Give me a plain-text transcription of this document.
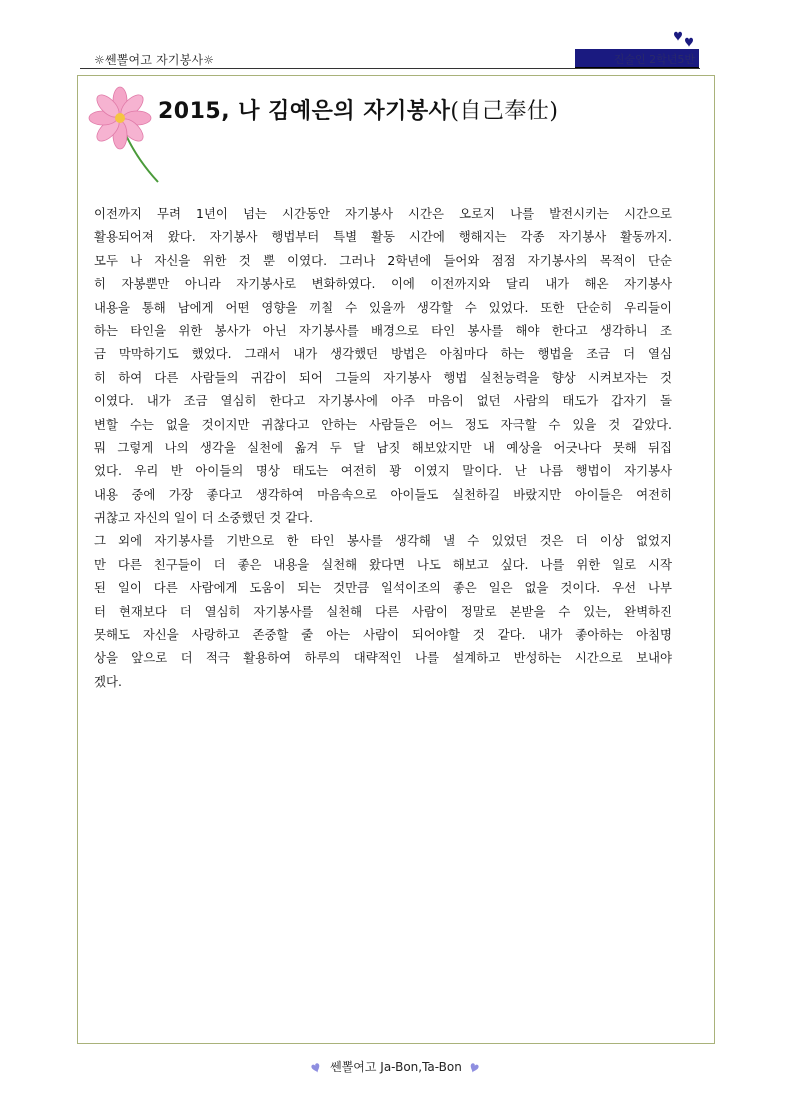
☼쎈뽈여고 자기봉사☼	진술인 2학년5반
2015, 나 김예은의 자기봉사(自己奉仕)
이전까지 무려 1년이 넘는 시간동안 자기봉사 시간은 오로지 나를 발전시키는 시간으로
활용되어져 왔다. 자기봉사 행법부터 특별 활동 시간에 행해지는 각종 자기봉사 활동까지.
모두 나 자신을 위한 것 뿐 이였다. 그러나 2학년에 들어와 점점 자기봉사의 목적이 단순
히 자봉뿐만 아니라 자기봉사로 변화하였다. 이에 이전까지와 달리 내가 해온 자기봉사
내용을 통해 남에게 어떤 영향을 끼칠 수 있을까 생각할 수 있었다. 또한 단순히 우리들이
하는 타인을 위한 봉사가 아닌 자기봉사를 배경으로 타인 봉사를 해야 한다고 생각하니 조
금 막막하기도 했었다. 그래서 내가 생각했던 방법은 아침마다 하는 행법을 조금 더 열심
히 하여 다른 사람들의 귀감이 되어 그들의 자기봉사 행법 실천능력을 향상 시켜보자는 것
이였다. 내가 조금 열심히 한다고 자기봉사에 아주 마음이 없던 사람의 태도가 갑자기 돌
변할 수는 없을 것이지만 귀찮다고 안하는 사람들은 어느 정도 자극할 수 있을 것 같았다.
뭐 그렇게 나의 생각을 실천에 옮겨 두 달 남짓 해보았지만 내 예상을 어긋나다 못해 뒤집
었다. 우리 반 아이들의 명상 태도는 여전히 꽝 이였지 말이다. 난 나름 행법이 자기봉사
내용 중에 가장 좋다고 생각하여 마음속으로 아이들도 실천하길 바랐지만 아이들은 여전히
귀찮고 자신의 일이 더 소중했던 것 같다.
그 외에 자기봉사를 기반으로 한 타인 봉사를 생각해 낼 수 있었던 것은 더 이상 없었지
만 다른 친구들이 더 좋은 내용을 실천해 왔다면 나도 해보고 싶다. 나를 위한 일로 시작
된 일이 다른 사람에게 도움이 되는 것만큼 일석이조의 좋은 일은 없을 것이다. 우선 나부
터 현재보다 더 열심히 자기봉사를 실천해 다른 사람이 정말로 본받을 수 있는, 완벽하진
못해도 자신을 사랑하고 존중할 줄 아는 사람이 되어야할 것 같다. 내가 좋아하는 아침명
상을 앞으로 더 적극 활용하여 하루의 대략적인 나를 설계하고 반성하는 시간으로 보내야
겠다.
쎈뽈여고 Ja-Bon,Ta-Bon
